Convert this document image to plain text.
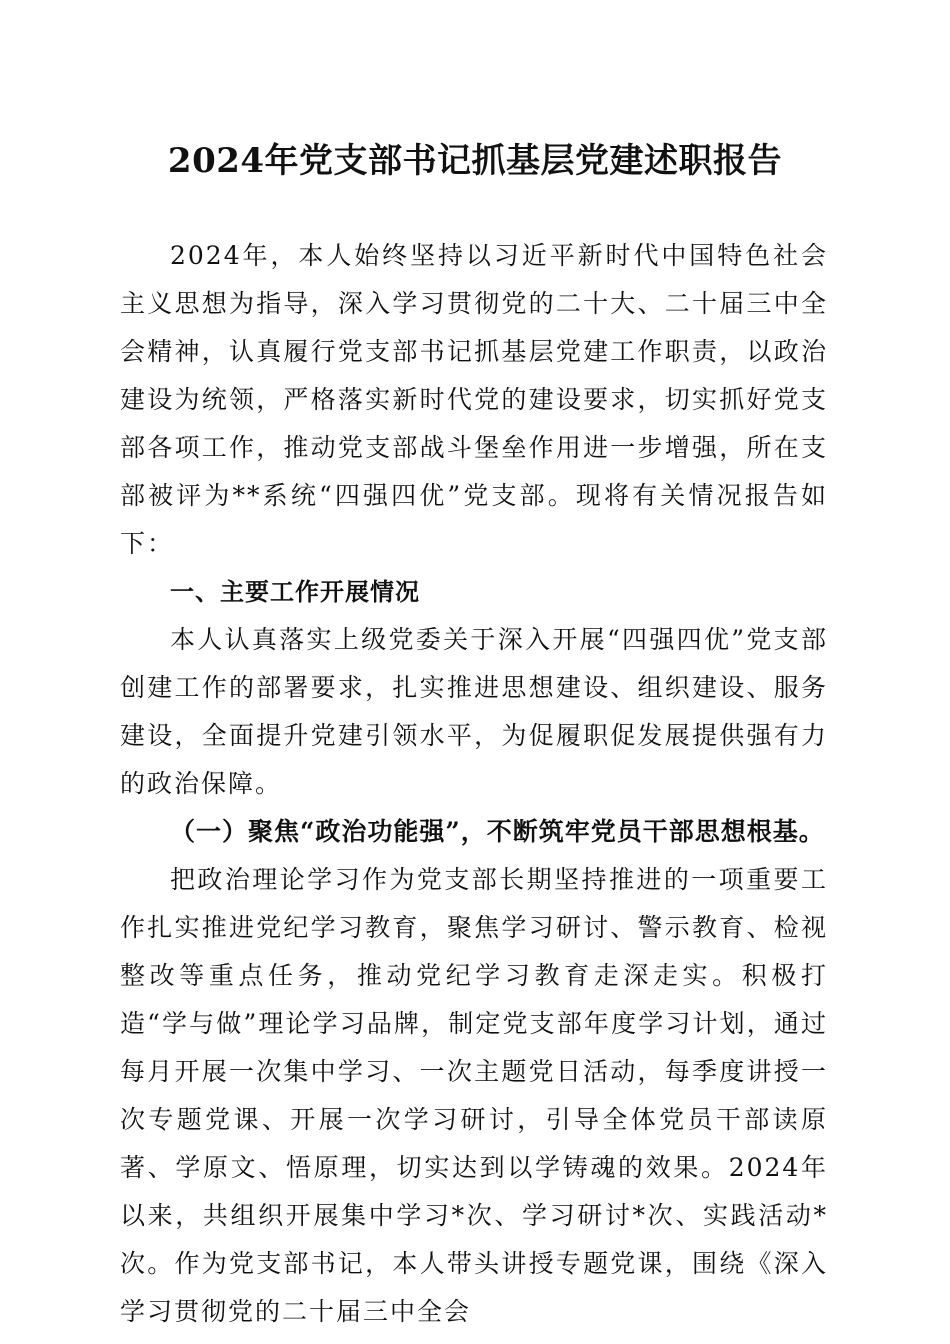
2024年党支部书记抓基层党建述职报告

2024年，本人始终坚持以习近平新时代中国特色社会主义思想为指导，深入学习贯彻党的二十大、二十届三中全会精神，认真履行党支部书记抓基层党建工作职责，以政治建设为统领，严格落实新时代党的建设要求，切实抓好党支部各项工作，推动党支部战斗堡垒作用进一步增强，所在支部被评为**系统“四强四优”党支部。现将有关情况报告如下：

一、主要工作开展情况

本人认真落实上级党委关于深入开展“四强四优”党支部创建工作的部署要求，扎实推进思想建设、组织建设、服务建设，全面提升党建引领水平，为促履职促发展提供强有力的政治保障。

（一）聚焦“政治功能强”，不断筑牢党员干部思想根基。

把政治理论学习作为党支部长期坚持推进的一项重要工作扎实推进党纪学习教育，聚焦学习研讨、警示教育、检视整改等重点任务，推动党纪学习教育走深走实。积极打造“学与做”理论学习品牌，制定党支部年度学习计划，通过每月开展一次集中学习、一次主题党日活动，每季度讲授一次专题党课、开展一次学习研讨，引导全体党员干部读原著、学原文、悟原理，切实达到以学铸魂的效果。2024年以来，共组织开展集中学习*次、学习研讨*次、实践活动*次。作为党支部书记，本人带头讲授专题党课，围绕《深入学习贯彻党的二十届三中全会
